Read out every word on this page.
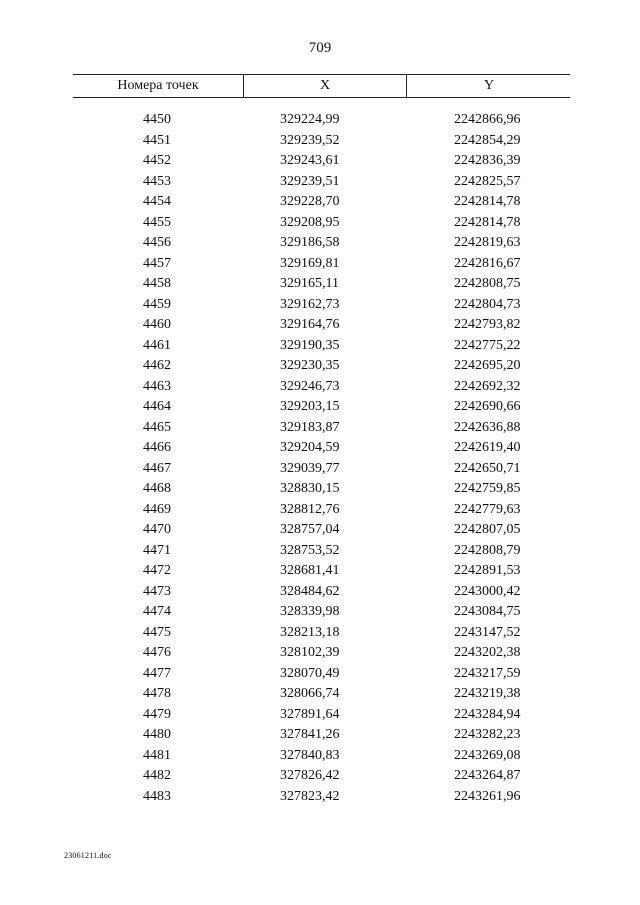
709
Номера точек	X	Y
4450	329224,99	2242866,96
4451	329239,52	2242854,29
4452	329243,61	2242836,39
4453	329239,51	2242825,57
4454	329228,70	2242814,78
4455	329208,95	2242814,78
4456	329186,58	2242819,63
4457	329169,81	2242816,67
4458	329165,11	2242808,75
4459	329162,73	2242804,73
4460	329164,76	2242793,82
4461	329190,35	2242775,22
4462	329230,35	2242695,20
4463	329246,73	2242692,32
4464	329203,15	2242690,66
4465	329183,87	2242636,88
4466	329204,59	2242619,40
4467	329039,77	2242650,71
4468	328830,15	2242759,85
4469	328812,76	2242779,63
4470	328757,04	2242807,05
4471	328753,52	2242808,79
4472	328681,41	2242891,53
4473	328484,62	2243000,42
4474	328339,98	2243084,75
4475	328213,18	2243147,52
4476	328102,39	2243202,38
4477	328070,49	2243217,59
4478	328066,74	2243219,38
4479	327891,64	2243284,94
4480	327841,26	2243282,23
4481	327840,83	2243269,08
4482	327826,42	2243264,87
4483	327823,42	2243261,96
23061211.doc
